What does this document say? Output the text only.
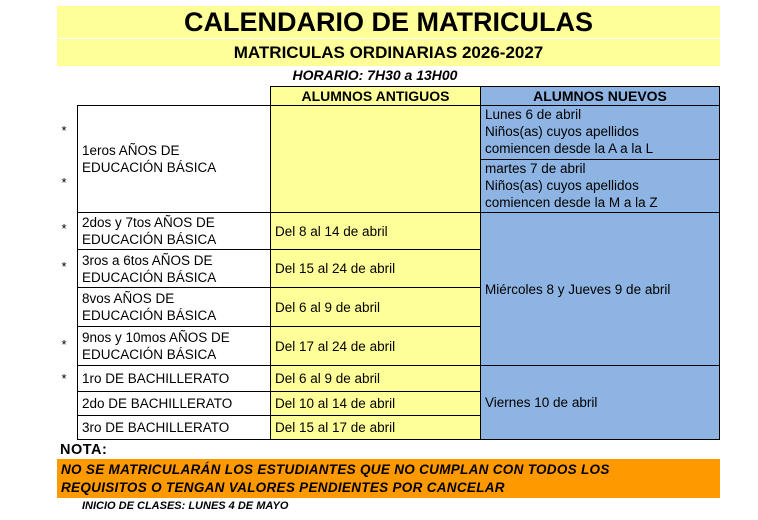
CALENDARIO DE MATRICULAS
MATRICULAS ORDINARIAS 2026-2027
HORARIO: 7H30 a 13H00
ALUMNOS ANTIGUOS	ALUMNOS NUEVOS
*
*
*
*
*
*
1eros AÑOS DE
EDUCACIÓN BÁSICA
2dos y 7tos AÑOS DE
EDUCACIÓN BÁSICA
3ros a 6tos AÑOS DE
EDUCACIÓN BÁSICA
8vos AÑOS DE
EDUCACIÓN BÁSICA
9nos y 10mos AÑOS DE
EDUCACIÓN BÁSICA
1ro DE BACHILLERATO
2do DE BACHILLERATO
3ro DE BACHILLERATO
Del 8 al 14 de abril
Del 15 al 24 de abril
Del 6 al 9 de abril
Del 17 al 24 de abril
Del 6 al 9 de abril
Del 10 al 14 de abril
Del 15 al 17 de abril
Lunes 6 de abril
Niños(as) cuyos apellidos
comiencen desde la A a la L
martes 7 de abril
Niños(as) cuyos apellidos
comiencen desde la M a la Z
Miércoles 8 y Jueves 9 de abril
Viernes 10 de abril
NOTA:
NO SE MATRICULARÁN LOS ESTUDIANTES QUE NO CUMPLAN CON TODOS LOS
REQUISITOS O TENGAN VALORES PENDIENTES POR CANCELAR
INICIO DE CLASES: LUNES 4 DE MAYO
